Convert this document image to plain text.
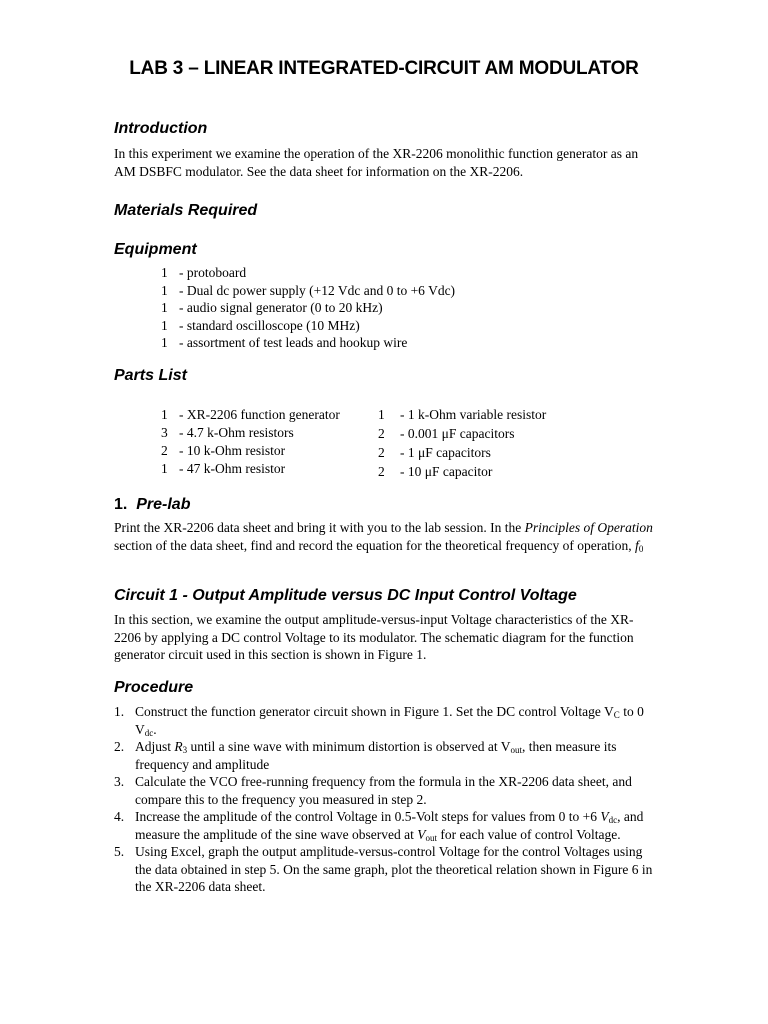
LAB 3 – LINEAR INTEGRATED-CIRCUIT AM MODULATOR
Introduction
In this experiment we examine the operation of the XR-2206 monolithic function generator as an AM DSBFC modulator. See the data sheet for information on the XR-2206.
Materials Required
Equipment
1 - protoboard
1 - Dual dc power supply (+12 Vdc and 0 to +6 Vdc)
1 - audio signal generator (0 to 20 kHz)
1 - standard oscilloscope (10 MHz)
1 - assortment of test leads and hookup wire
Parts List
1 - XR-2206 function generator
3 - 4.7 k-Ohm resistors
2 - 10 k-Ohm resistor
1 - 47 k-Ohm resistor
1 - 1 k-Ohm variable resistor
2 - 0.001 μF capacitors
2 - 1 μF capacitors
2 - 10 μF capacitor
1. Pre-lab
Print the XR-2206 data sheet and bring it with you to the lab session. In the Principles of Operation section of the data sheet, find and record the equation for the theoretical frequency of operation, $f_0$
Circuit 1 - Output Amplitude versus DC Input Control Voltage
In this section, we examine the output amplitude-versus-input Voltage characteristics of the XR-2206 by applying a DC control Voltage to its modulator. The schematic diagram for the function generator circuit used in this section is shown in Figure 1.
Procedure
1. Construct the function generator circuit shown in Figure 1. Set the DC control Voltage $V_C$ to 0 $V_{dc}$.
2. Adjust $R_3$ until a sine wave with minimum distortion is observed at $V_{out}$, then measure its frequency and amplitude
3. Calculate the VCO free-running frequency from the formula in the XR-2206 data sheet, and compare this to the frequency you measured in step 2.
4. Increase the amplitude of the control Voltage in 0.5-Volt steps for values from 0 to +6 $V_{dc}$, and measure the amplitude of the sine wave observed at $V_{out}$ for each value of control Voltage.
5. Using Excel, graph the output amplitude-versus-control Voltage for the control Voltages using the data obtained in step 5. On the same graph, plot the theoretical relation shown in Figure 6 in the XR-2206 data sheet.
